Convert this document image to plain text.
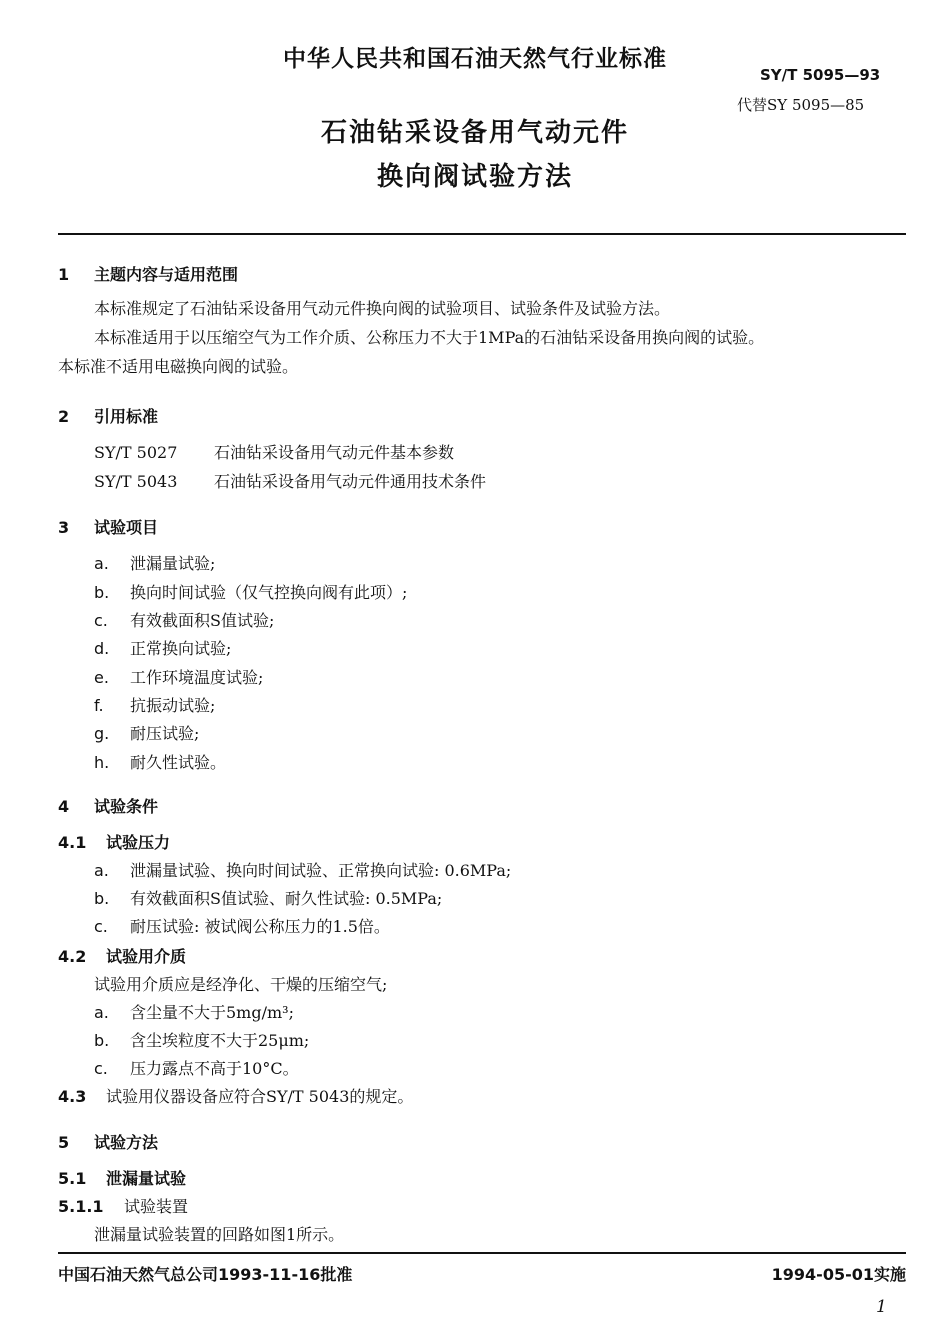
中华人民共和国石油天然气行业标准
SY/T 5095—93
代替SY 5095—85
石油钻采设备用气动元件
换向阀试验方法
1 主题内容与适用范围
本标准规定了石油钻采设备用气动元件换向阀的试验项目、试验条件及试验方法。
本标准适用于以压缩空气为工作介质、公称压力不大于1MPa的石油钻采设备用换向阀的试验。
本标准不适用电磁换向阀的试验。
2 引用标准
SY/T 5027 石油钻采设备用气动元件基本参数
SY/T 5043 石油钻采设备用气动元件通用技术条件
3 试验项目
a. 泄漏量试验;
b. 换向时间试验（仅气控换向阀有此项）;
c. 有效截面积S值试验;
d. 正常换向试验;
e. 工作环境温度试验;
f. 抗振动试验;
g. 耐压试验;
h. 耐久性试验。
4 试验条件
4.1 试验压力
a. 泄漏量试验、换向时间试验、正常换向试验: 0.6MPa;
b. 有效截面积S值试验、耐久性试验: 0.5MPa;
c. 耐压试验: 被试阀公称压力的1.5倍。
4.2 试验用介质
试验用介质应是经净化、干燥的压缩空气;
a. 含尘量不大于5mg/m³;
b. 含尘埃粒度不大于25μm;
c. 压力露点不高于10°C。
4.3 试验用仪器设备应符合SY/T 5043的规定。
5 试验方法
5.1 泄漏量试验
5.1.1 试验装置
泄漏量试验装置的回路如图1所示。
中国石油天然气总公司1993-11-16批准	1994-05-01实施
1
